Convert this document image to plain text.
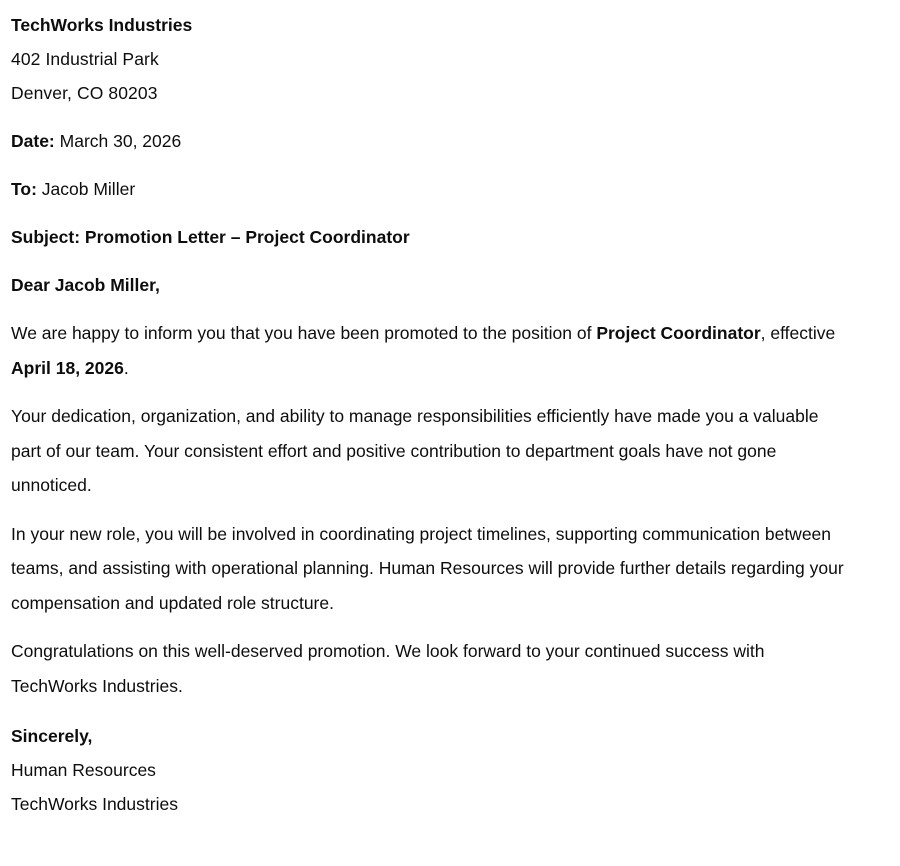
TechWorks Industries
402 Industrial Park
Denver, CO 80203
Date: March 30, 2026
To: Jacob Miller
Subject: Promotion Letter – Project Coordinator
Dear Jacob Miller,
We are happy to inform you that you have been promoted to the position of Project Coordinator, effective April 18, 2026.
Your dedication, organization, and ability to manage responsibilities efficiently have made you a valuable part of our team. Your consistent effort and positive contribution to department goals have not gone unnoticed.
In your new role, you will be involved in coordinating project timelines, supporting communication between teams, and assisting with operational planning. Human Resources will provide further details regarding your compensation and updated role structure.
Congratulations on this well-deserved promotion. We look forward to your continued success with TechWorks Industries.
Sincerely,
Human Resources
TechWorks Industries
